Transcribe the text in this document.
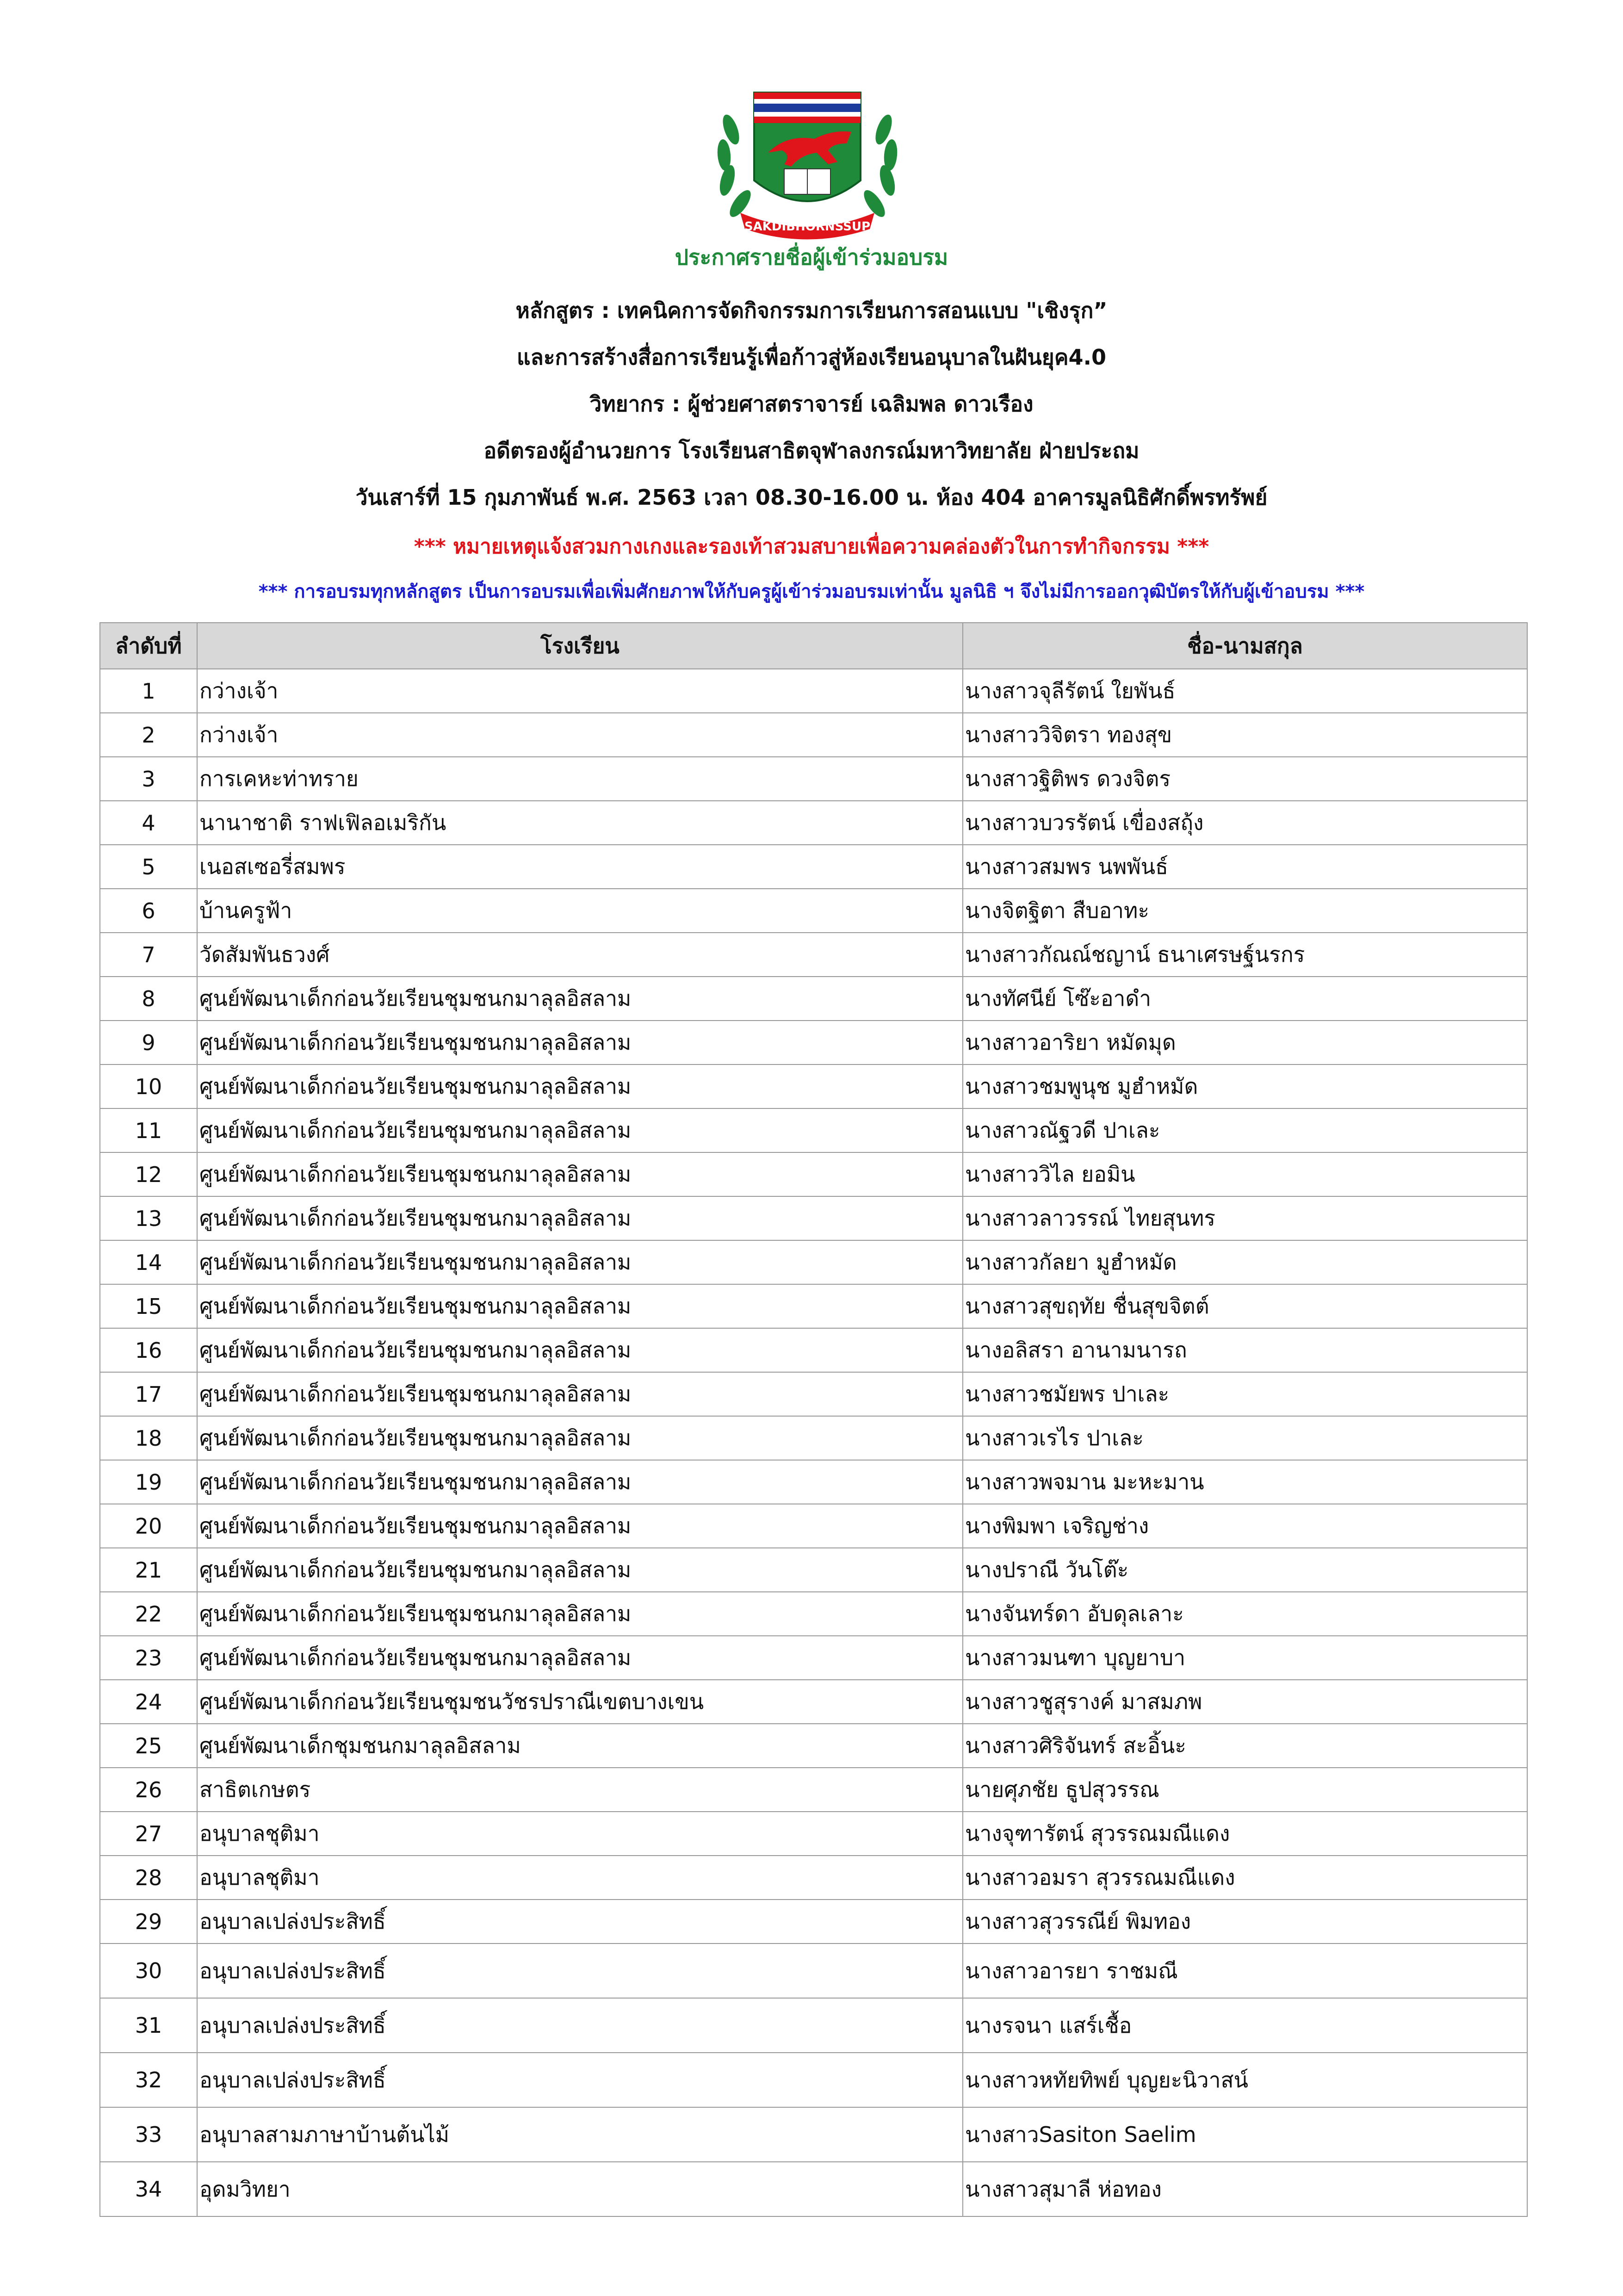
SAKDIBHORNSSUP
ประกาศรายชื่อผู้เข้าร่วมอบรม
หลักสูตร : เทคนิคการจัดกิจกรรมการเรียนการสอนแบบ "เชิงรุก”
และการสร้างสื่อการเรียนรู้เพื่อก้าวสู่ห้องเรียนอนุบาลในฝันยุค4.0
วิทยากร : ผู้ช่วยศาสตราจารย์ เฉลิมพล ดาวเรือง
อดีตรองผู้อำนวยการ โรงเรียนสาธิตจุฬาลงกรณ์มหาวิทยาลัย ฝ่ายประถม
วันเสาร์ที่ 15 กุมภาพันธ์ พ.ศ. 2563 เวลา 08.30-16.00 น. ห้อง 404 อาคารมูลนิธิศักดิ์พรทรัพย์
*** หมายเหตุแจ้งสวมกางเกงและรองเท้าสวมสบายเพื่อความคล่องตัวในการทำกิจกรรม ***
*** การอบรมทุกหลักสูตร เป็นการอบรมเพื่อเพิ่มศักยภาพให้กับครูผู้เข้าร่วมอบรมเท่านั้น มูลนิธิ ฯ จึงไม่มีการออกวุฒิบัตรให้กับผู้เข้าอบรม ***
ลำดับที่	โรงเรียน	ชื่อ-นามสกุล
1	กว่างเจ้า	นางสาวจุลีรัตน์ ใยพันธ์
2	กว่างเจ้า	นางสาววิจิตรา ทองสุข
3	การเคหะท่าทราย	นางสาวฐิติพร ดวงจิตร
4	นานาชาติ ราฟเฟิลอเมริกัน	นางสาวบวรรัตน์ เขื่องสถุ้ง
5	เนอสเซอรี่สมพร	นางสาวสมพร นพพันธ์
6	บ้านครูฟ้า	นางจิตฐิตา สืบอาทะ
7	วัดสัมพันธวงศ์	นางสาวกัณณ์ชญาน์ ธนาเศรษฐ์นรกร
8	ศูนย์พัฒนาเด็กก่อนวัยเรียนชุมชนกมาลุลอิสลาม	นางทัศนีย์ โซ๊ะอาดำ
9	ศูนย์พัฒนาเด็กก่อนวัยเรียนชุมชนกมาลุลอิสลาม	นางสาวอาริยา หมัดมุด
10	ศูนย์พัฒนาเด็กก่อนวัยเรียนชุมชนกมาลุลอิสลาม	นางสาวชมพูนุช มูฮำหมัด
11	ศูนย์พัฒนาเด็กก่อนวัยเรียนชุมชนกมาลุลอิสลาม	นางสาวณัฐวดี ปาเละ
12	ศูนย์พัฒนาเด็กก่อนวัยเรียนชุมชนกมาลุลอิสลาม	นางสาววิไล ยอมิน
13	ศูนย์พัฒนาเด็กก่อนวัยเรียนชุมชนกมาลุลอิสลาม	นางสาวลาวรรณ์ ไทยสุนทร
14	ศูนย์พัฒนาเด็กก่อนวัยเรียนชุมชนกมาลุลอิสลาม	นางสาวกัลยา มูฮำหมัด
15	ศูนย์พัฒนาเด็กก่อนวัยเรียนชุมชนกมาลุลอิสลาม	นางสาวสุขฤทัย ชื่นสุขจิตต์
16	ศูนย์พัฒนาเด็กก่อนวัยเรียนชุมชนกมาลุลอิสลาม	นางอลิสรา อานามนารถ
17	ศูนย์พัฒนาเด็กก่อนวัยเรียนชุมชนกมาลุลอิสลาม	นางสาวชมัยพร ปาเละ
18	ศูนย์พัฒนาเด็กก่อนวัยเรียนชุมชนกมาลุลอิสลาม	นางสาวเรไร ปาเละ
19	ศูนย์พัฒนาเด็กก่อนวัยเรียนชุมชนกมาลุลอิสลาม	นางสาวพจมาน มะหะมาน
20	ศูนย์พัฒนาเด็กก่อนวัยเรียนชุมชนกมาลุลอิสลาม	นางพิมพา เจริญช่าง
21	ศูนย์พัฒนาเด็กก่อนวัยเรียนชุมชนกมาลุลอิสลาม	นางปราณี วันโต๊ะ
22	ศูนย์พัฒนาเด็กก่อนวัยเรียนชุมชนกมาลุลอิสลาม	นางจันทร์ดา อับดุลเลาะ
23	ศูนย์พัฒนาเด็กก่อนวัยเรียนชุมชนกมาลุลอิสลาม	นางสาวมนฑา บุญยาบา
24	ศูนย์พัฒนาเด็กก่อนวัยเรียนชุมชนวัชรปราณีเขตบางเขน	นางสาวชูสุรางค์ มาสมภพ
25	ศูนย์พัฒนาเด็กชุมชนกมาลุลอิสลาม	นางสาวศิริจันทร์ สะอิ้นะ
26	สาธิตเกษตร	นายศุภชัย ธูปสุวรรณ
27	อนุบาลชุติมา	นางจุฑารัตน์ สุวรรณมณีแดง
28	อนุบาลชุติมา	นางสาวอมรา สุวรรณมณีแดง
29	อนุบาลเปล่งประสิทธิ์	นางสาวสุวรรณีย์ พิมทอง
30	อนุบาลเปล่งประสิทธิ์	นางสาวอารยา ราชมณี
31	อนุบาลเปล่งประสิทธิ์	นางรจนา แสร์เชื้อ
32	อนุบาลเปล่งประสิทธิ์	นางสาวหทัยทิพย์ บุญยะนิวาสน์
33	อนุบาลสามภาษาบ้านต้นไม้	นางสาวSasiton Saelim
34	อุดมวิทยา	นางสาวสุมาลี ห่อทอง
